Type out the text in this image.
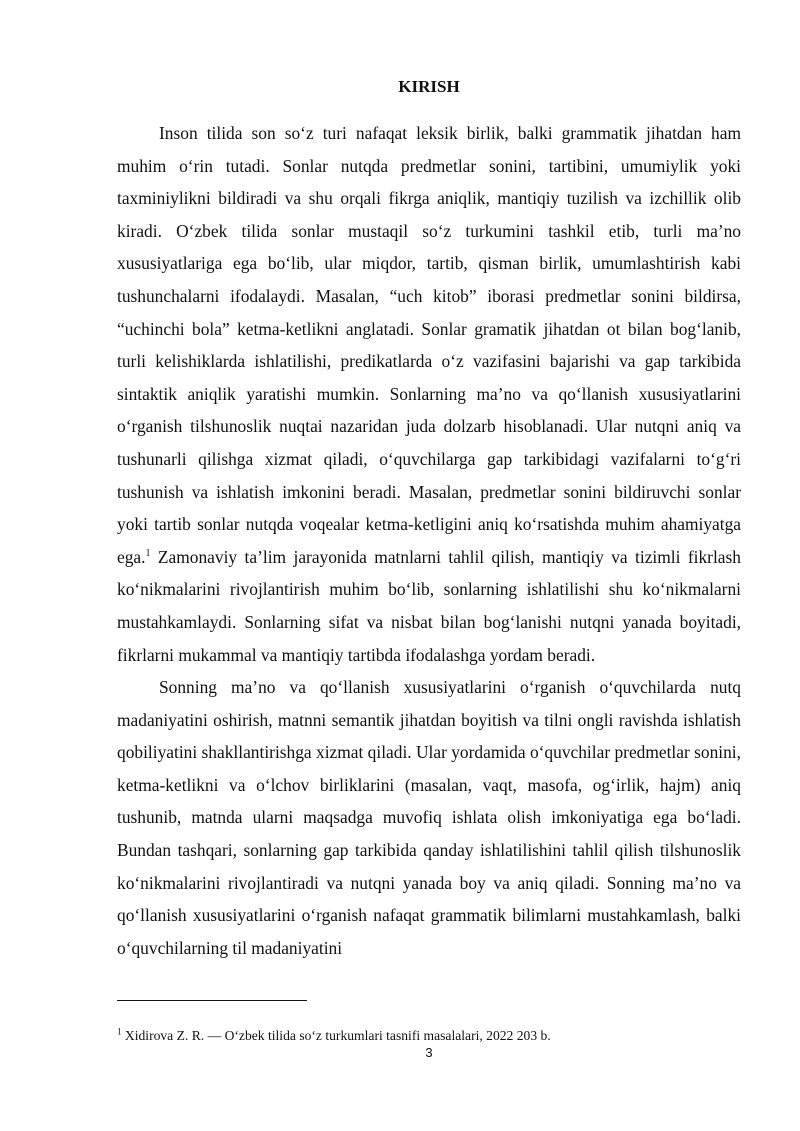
KIRISH

Inson tilida son so‘z turi nafaqat leksik birlik, balki grammatik jihatdan ham muhim o‘rin tutadi. Sonlar nutqda predmetlar sonini, tartibini, umumiylik yoki taxminiylikni bildiradi va shu orqali fikrga aniqlik, mantiqiy tuzilish va izchillik olib kiradi. O‘zbek tilida sonlar mustaqil so‘z turkumini tashkil etib, turli ma’no xususiyatlariga ega bo‘lib, ular miqdor, tartib, qisman birlik, umumlashtirish kabi tushunchalarni ifodalaydi. Masalan, “uch kitob” iborasi predmetlar sonini bildirsa, “uchinchi bola” ketma-ketlikni anglatadi. Sonlar gramatik jihatdan ot bilan bog‘lanib, turli kelishiklarda ishlatilishi, predikatlarda o‘z vazifasini bajarishi va gap tarkibida sintaktik aniqlik yaratishi mumkin. Sonlarning ma’no va qo‘llanish xususiyatlarini o‘rganish tilshunoslik nuqtai nazaridan juda dolzarb hisoblanadi. Ular nutqni aniq va tushunarli qilishga xizmat qiladi, o‘quvchilarga gap tarkibidagi vazifalarni to‘g‘ri tushunish va ishlatish imkonini beradi. Masalan, predmetlar sonini bildiruvchi sonlar yoki tartib sonlar nutqda voqealar ketma-ketligini aniq ko‘rsatishda muhim ahamiyatga ega.$^1$ Zamonaviy ta’lim jarayonida matnlarni tahlil qilish, mantiqiy va tizimli fikrlash ko‘nikmalarini rivojlantirish muhim bo‘lib, sonlarning ishlatilishi shu ko‘nikmalarni mustahkamlaydi. Sonlarning sifat va nisbat bilan bog‘lanishi nutqni yanada boyitadi, fikrlarni mukammal va mantiqiy tartibda ifodalashga yordam beradi.

Sonning ma’no va qo‘llanish xususiyatlarini o‘rganish o‘quvchilarda nutq madaniyatini oshirish, matnni semantik jihatdan boyitish va tilni ongli ravishda ishlatish qobiliyatini shakllantirishga xizmat qiladi. Ular yordamida o‘quvchilar predmetlar sonini, ketma-ketlikni va o‘lchov birliklarini (masalan, vaqt, masofa, og‘irlik, hajm) aniq tushunib, matnda ularni maqsadga muvofiq ishlata olish imkoniyatiga ega bo‘ladi. Bundan tashqari, sonlarning gap tarkibida qanday ishlatilishini tahlil qilish tilshunoslik ko‘nikmalarini rivojlantiradi va nutqni yanada boy va aniq qiladi. Sonning ma’no va qo‘llanish xususiyatlarini o‘rganish nafaqat grammatik bilimlarni mustahkamlash, balki o‘quvchilarning til madaniyatini

$^1$ Xidirova Z. R. — O‘zbek tilida so‘z turkumlari tasnifi masalalari, 2022 203 b.
3
